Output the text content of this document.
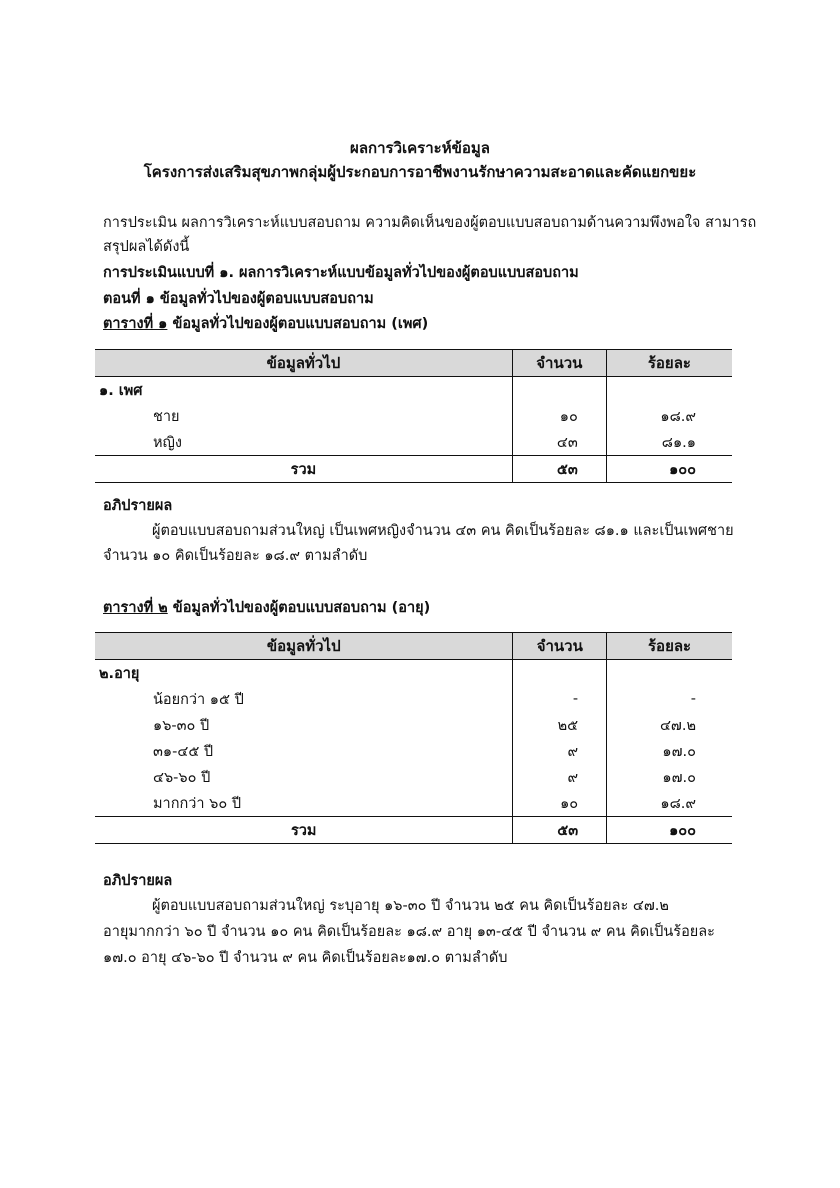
ผลการวิเคราะห์ข้อมูล
โครงการส่งเสริมสุขภาพกลุ่มผู้ประกอบการอาชีพงานรักษาความสะอาดและคัดแยกขยะ
การประเมิน ผลการวิเคราะห์แบบสอบถาม ความคิดเห็นของผู้ตอบแบบสอบถามด้านความพึงพอใจ สามารถ
สรุปผลได้ดังนี้
การประเมินแบบที่ ๑. ผลการวิเคราะห์แบบข้อมูลทั่วไปของผู้ตอบแบบสอบถาม
ตอนที่ ๑ ข้อมูลทั่วไปของผู้ตอบแบบสอบถาม
ตารางที่ ๑ ข้อมูลทั่วไปของผู้ตอบแบบสอบถาม (เพศ)
ข้อมูลทั่วไป	จำนวน	ร้อยละ
๑. เพศ		
ชาย	๑๐	๑๘.๙
หญิง	๔๓	๘๑.๑
รวม	๕๓	๑๐๐
อภิปรายผล
ผู้ตอบแบบสอบถามส่วนใหญ่ เป็นเพศหญิงจำนวน ๔๓ คน คิดเป็นร้อยละ ๘๑.๑ และเป็นเพศชาย
จำนวน ๑๐ คิดเป็นร้อยละ ๑๘.๙ ตามลำดับ
ตารางที่ ๒ ข้อมูลทั่วไปของผู้ตอบแบบสอบถาม (อายุ)
ข้อมูลทั่วไป	จำนวน	ร้อยละ
๒.อายุ		
น้อยกว่า ๑๕ ปี	-	-
๑๖-๓๐ ปี	๒๕	๔๗.๒
๓๑-๔๕ ปี	๙	๑๗.๐
๔๖-๖๐ ปี	๙	๑๗.๐
มากกว่า ๖๐ ปี	๑๐	๑๘.๙
รวม	๕๓	๑๐๐
อภิปรายผล
ผู้ตอบแบบสอบถามส่วนใหญ่ ระบุอายุ ๑๖-๓๐ ปี จำนวน ๒๕ คน คิดเป็นร้อยละ ๔๗.๒
อายุมากกว่า ๖๐ ปี จำนวน ๑๐ คน คิดเป็นร้อยละ ๑๘.๙ อายุ ๑๓-๔๕ ปี จำนวน ๙ คน คิดเป็นร้อยละ
๑๗.๐ อายุ ๔๖-๖๐ ปี จำนวน ๙ คน คิดเป็นร้อยละ๑๗.๐ ตามลำดับ
